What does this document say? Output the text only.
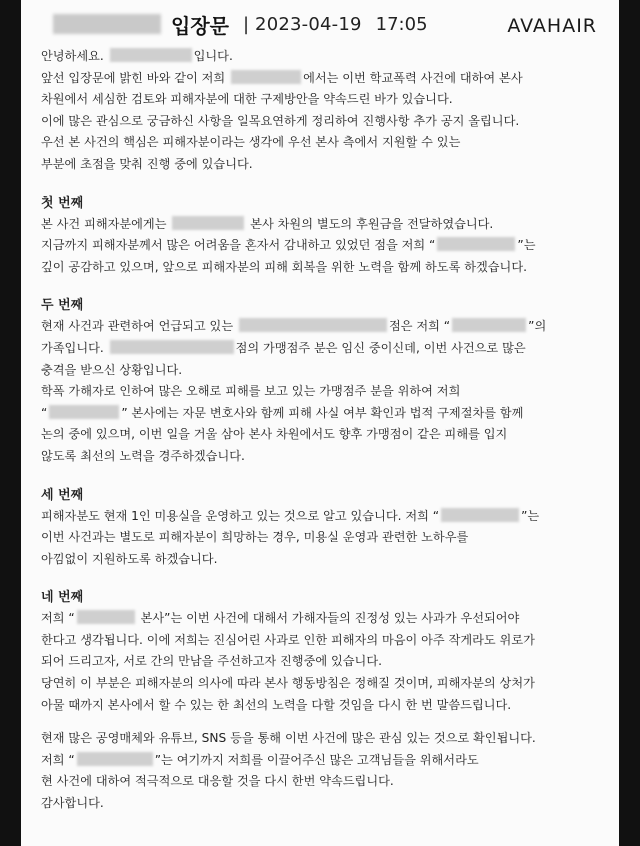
입장문 | 2023-04-19 17:05	AVAHAIR
안녕하세요.	입니다.
앞선 입장문에 밝힌 바와 같이 저희	에서는 이번 학교폭력 사건에 대하여 본사
차원에서 세심한 검토와 피해자분에 대한 구제방안을 약속드린 바가 있습니다.
이에 많은 관심으로 궁금하신 사항을 일목요연하게 정리하여 진행사항 추가 공지 올립니다.
우선 본 사건의 핵심은 피해자분이라는 생각에 우선 본사 측에서 지원할 수 있는
부분에 초점을 맞춰 진행 중에 있습니다.
첫 번째
본 사건 피해자분에게는	본사 차원의 별도의 후원금을 전달하였습니다.
지금까지 피해자분께서 많은 어려움을 혼자서 감내하고 있었던 점을 저희 “	”는
깊이 공감하고 있으며, 앞으로 피해자분의 피해 회복을 위한 노력을 함께 하도록 하겠습니다.
두 번째
현재 사건과 관련하여 언급되고 있는	점은 저희 “	”의
가족입니다.	점의 가맹점주 분은 임신 중이신데, 이번 사건으로 많은
충격을 받으신 상황입니다.
학폭 가해자로 인하여 많은 오해로 피해를 보고 있는 가맹점주 분을 위하여 저희
“	” 본사에는 자문 변호사와 함께 피해 사실 여부 확인과 법적 구제절차를 함께
논의 중에 있으며, 이번 일을 거울 삼아 본사 차원에서도 향후 가맹점이 같은 피해를 입지
않도록 최선의 노력을 경주하겠습니다.
세 번째
피해자분도 현재 1인 미용실을 운영하고 있는 것으로 알고 있습니다. 저희 “	”는
이번 사건과는 별도로 피해자분이 희망하는 경우, 미용실 운영과 관련한 노하우를
아낌없이 지원하도록 하겠습니다.
네 번째
저희 “	본사”는 이번 사건에 대해서 가해자들의 진정성 있는 사과가 우선되어야
한다고 생각됩니다. 이에 저희는 진심어린 사과로 인한 피해자의 마음이 아주 작게라도 위로가
되어 드리고자, 서로 간의 만남을 주선하고자 진행중에 있습니다.
당연히 이 부분은 피해자분의 의사에 따라 본사 행동방침은 정해질 것이며, 피해자분의 상처가
아물 때까지 본사에서 할 수 있는 한 최선의 노력을 다할 것임을 다시 한 번 말씀드립니다.
현재 많은 공영매체와 유튜브, SNS 등을 통해 이번 사건에 많은 관심 있는 것으로 확인됩니다.
저희 “	”는 여기까지 저희를 이끌어주신 많은 고객님들을 위해서라도
현 사건에 대하여 적극적으로 대응할 것을 다시 한번 약속드립니다.
감사합니다.
